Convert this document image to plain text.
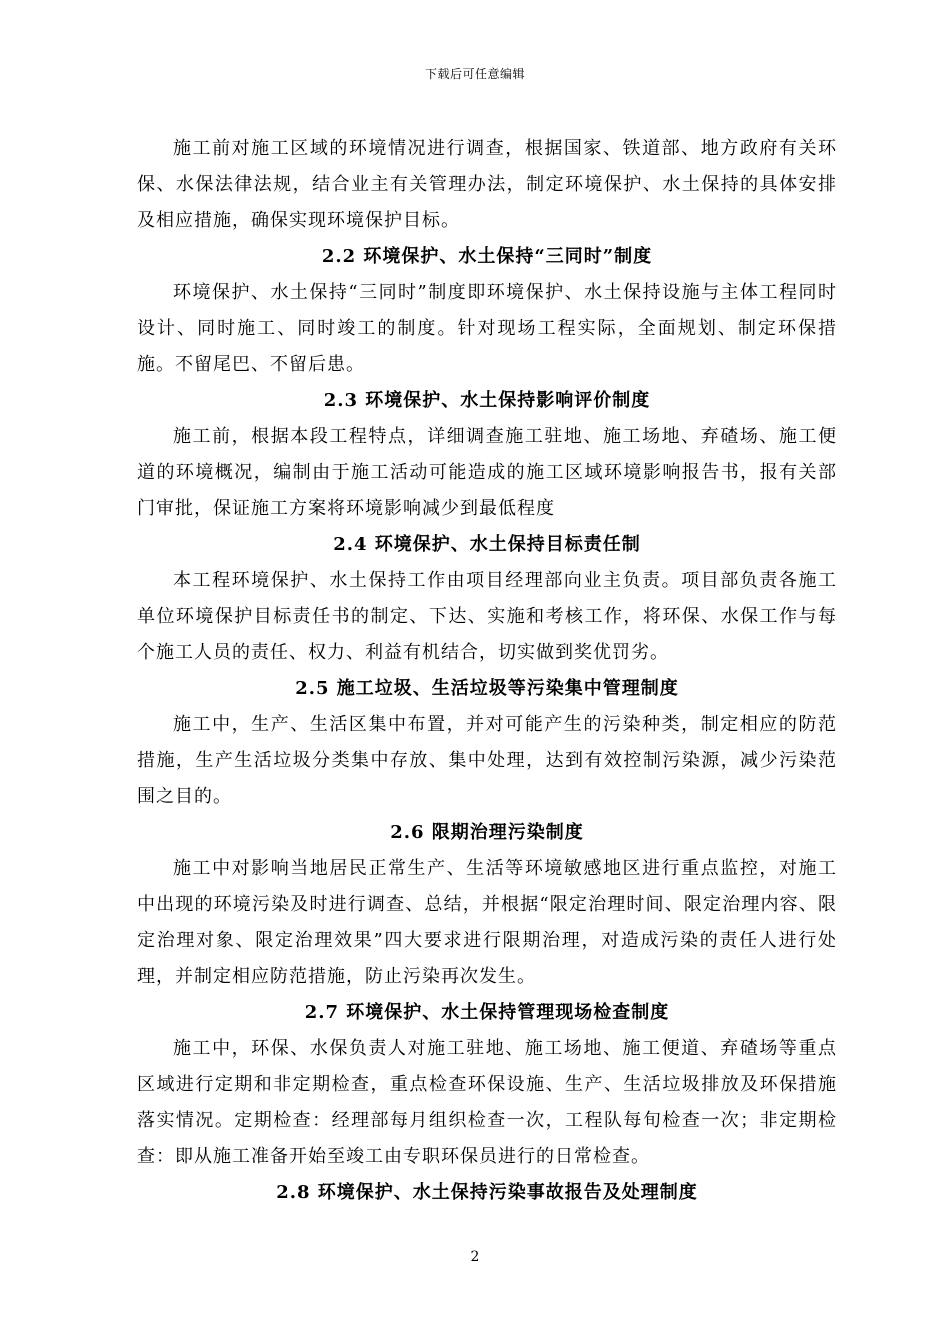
下载后可任意编辑

施工前对施工区域的环境情况进行调查，根据国家、铁道部、地方政府有关环保、水保法律法规，结合业主有关管理办法，制定环境保护、水土保持的具体安排及相应措施，确保实现环境保护目标。

2.2 环境保护、水土保持“三同时”制度

环境保护、水土保持“三同时”制度即环境保护、水土保持设施与主体工程同时设计、同时施工、同时竣工的制度。针对现场工程实际，全面规划、制定环保措施。不留尾巴、不留后患。

2.3 环境保护、水土保持影响评价制度

施工前，根据本段工程特点，详细调查施工驻地、施工场地、弃碴场、施工便道的环境概况，编制由于施工活动可能造成的施工区域环境影响报告书，报有关部门审批，保证施工方案将环境影响减少到最低程度

2.4 环境保护、水土保持目标责任制

本工程环境保护、水土保持工作由项目经理部向业主负责。项目部负责各施工单位环境保护目标责任书的制定、下达、实施和考核工作，将环保、水保工作与每个施工人员的责任、权力、利益有机结合，切实做到奖优罚劣。

2.5 施工垃圾、生活垃圾等污染集中管理制度

施工中，生产、生活区集中布置，并对可能产生的污染种类，制定相应的防范措施，生产生活垃圾分类集中存放、集中处理，达到有效控制污染源，减少污染范围之目的。

2.6 限期治理污染制度

施工中对影响当地居民正常生产、生活等环境敏感地区进行重点监控，对施工中出现的环境污染及时进行调查、总结，并根据“限定治理时间、限定治理内容、限定治理对象、限定治理效果”四大要求进行限期治理，对造成污染的责任人进行处理，并制定相应防范措施，防止污染再次发生。

2.7 环境保护、水土保持管理现场检查制度

施工中，环保、水保负责人对施工驻地、施工场地、施工便道、弃碴场等重点区域进行定期和非定期检查，重点检查环保设施、生产、生活垃圾排放及环保措施落实情况。定期检查：经理部每月组织检查一次，工程队每旬检查一次；非定期检查：即从施工准备开始至竣工由专职环保员进行的日常检查。

2.8 环境保护、水土保持污染事故报告及处理制度
2
